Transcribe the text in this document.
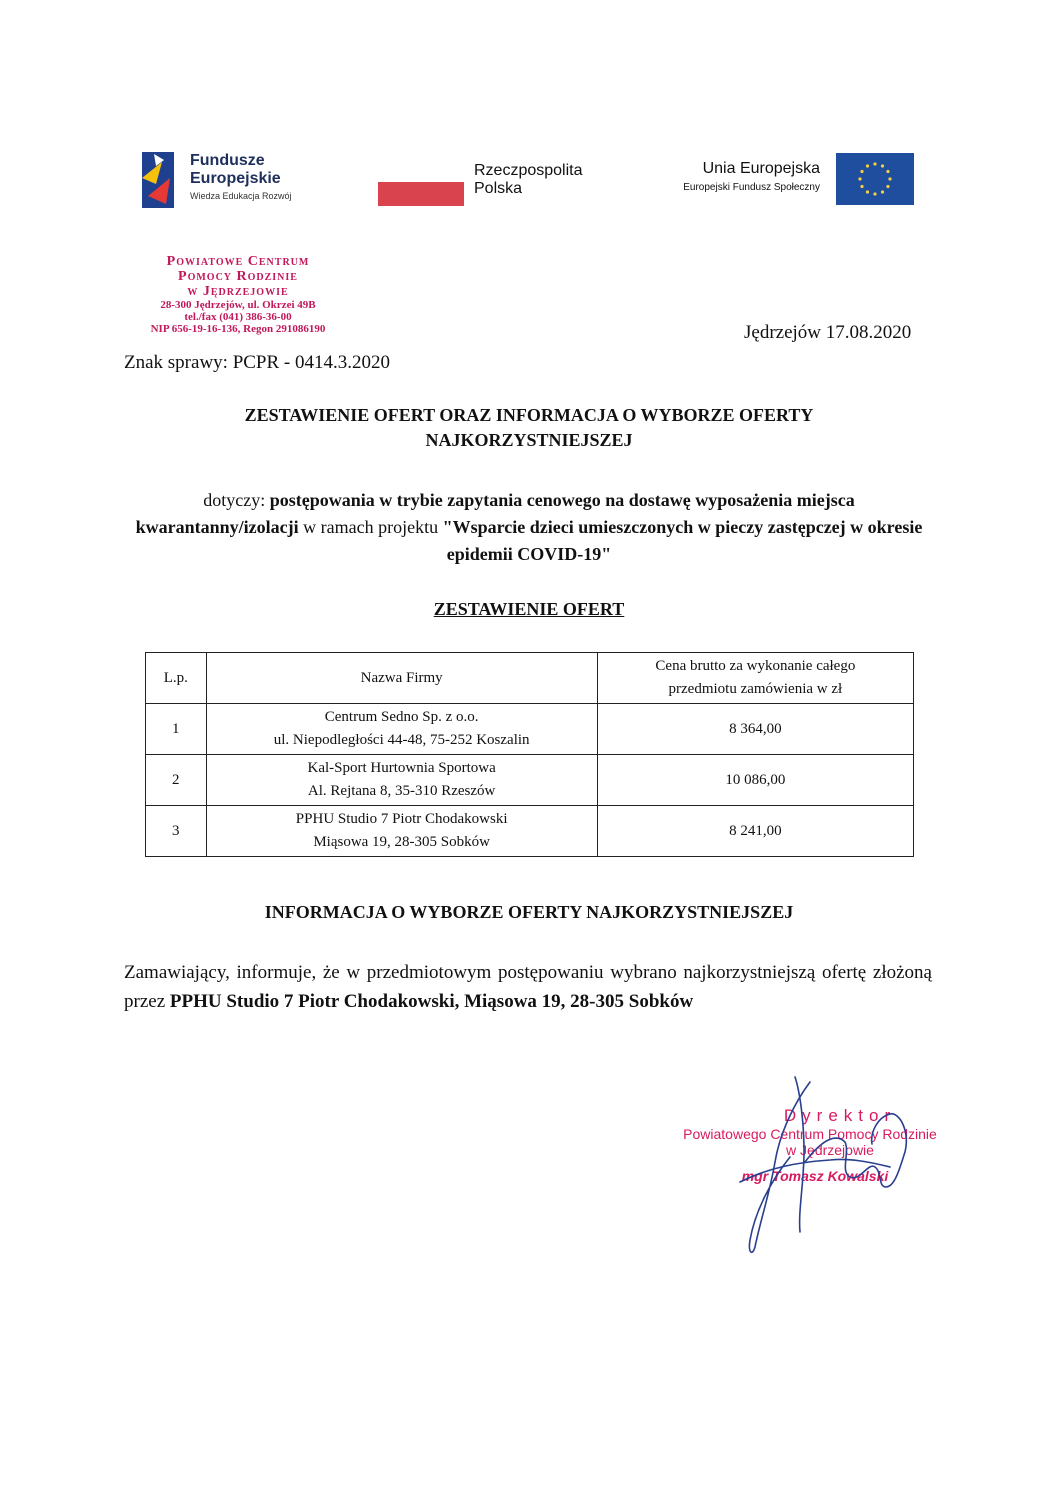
Fundusze
Europejskie
Wiedza Edukacja Rozwój
Rzeczpospolita
Polska
Unia Europejska
Europejski Fundusz Społeczny
Powiatowe Centrum
Pomocy Rodzinie
w Jędrzejowie
28-300 Jędrzejów, ul. Okrzei 49B
tel./fax (041) 386-36-00
NIP 656-19-16-136, Regon 291086190	Jędrzejów 17.08.2020
Znak sprawy: PCPR - 0414.3.2020
ZESTAWIENIE OFERT ORAZ INFORMACJA O WYBORZE OFERTY
NAJKORZYSTNIEJSZEJ
dotyczy: postępowania w trybie zapytania cenowego na dostawę wyposażenia miejsca kwarantanny/izolacji w ramach projektu "Wsparcie dzieci umieszczonych w pieczy zastępczej w okresie epidemii COVID-19"
ZESTAWIENIE OFERT
L.p.	Nazwa Firmy	Cena brutto za wykonanie całego
przedmiotu zamówienia w zł

1	Centrum Sedno Sp. z o.o.
ul. Niepodległości 44-48, 75-252 Koszalin	8 364,00
2	Kal-Sport Hurtownia Sportowa
Al. Rejtana 8, 35-310 Rzeszów	10 086,00
3	PPHU Studio 7 Piotr Chodakowski
Miąsowa 19, 28-305 Sobków	8 241,00
INFORMACJA O WYBORZE OFERTY NAJKORZYSTNIEJSZEJ
Zamawiający, informuje, że w przedmiotowym postępowaniu wybrano najkorzystniejszą ofertę złożoną przez PPHU Studio 7 Piotr Chodakowski, Miąsowa 19, 28-305 Sobków
Dyrektor
Powiatowego Centrum Pomocy Rodzinie
w Jędrzejowie
mgr Tomasz Kowalski
